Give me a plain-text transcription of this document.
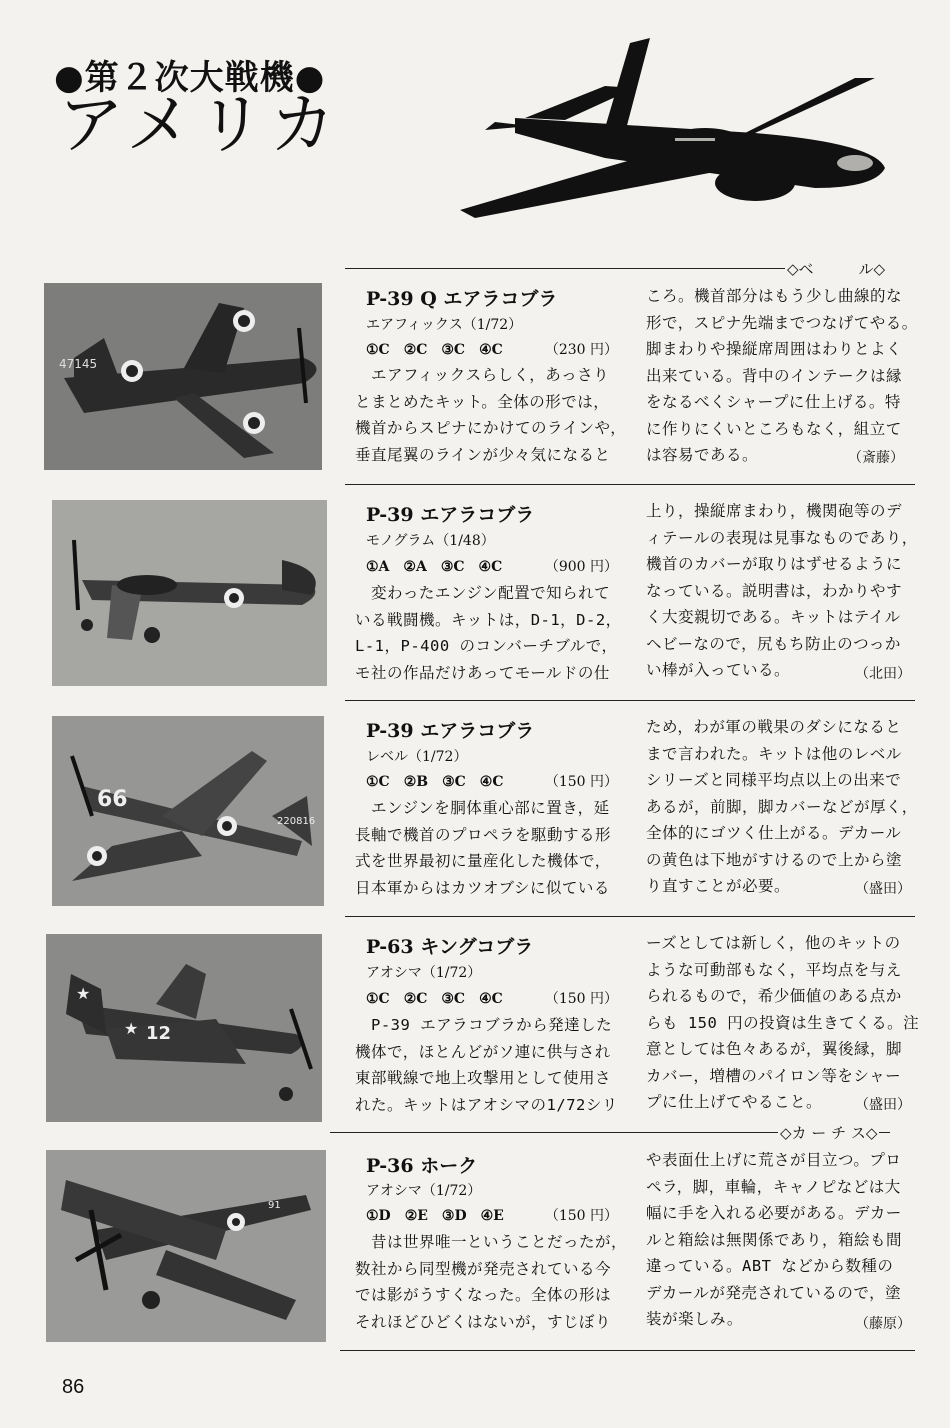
●第２次大戦機●
アメリカ
◇ベ　　　ル◇
47145
P-39 Q エアラコブラ
エアフィックス（1/72）
①C　②C　③C　④C	（230 円）
　エアフィックスらしく，あっさり
とまとめたキット。全体の形では，
機首からスピナにかけてのラインや，
垂直尾翼のラインが少々気になると
ころ。機首部分はもう少し曲線的な
形で，スピナ先端までつなげてやる。
脚まわりや操縦席周囲はわりとよく
出来ている。背中のインテークは縁
をなるべくシャープに仕上げる。特
に作りにくいところもなく，組立て
は容易である。	（斎藤）
P-39 エアラコブラ
モノグラム（1/48）
①A　②A　③C　④C	（900 円）
　変わったエンジン配置で知られて
いる戦闘機。キットは，D-1，D-2，
L-1，P-400 のコンバーチブルで，
モ社の作品だけあってモールドの仕
上り，操縦席まわり，機関砲等のデ
ィテールの表現は見事なものであり，
機首のカバーが取りはずせるように
なっている。説明書は，わかりやす
く大変親切である。キットはテイル
ヘビーなので，尻もち防止のつっか
い棒が入っている。	（北田）
66
220816
P-39 エアラコブラ
レベル（1/72）
①C　②B　③C　④C	（150 円）
　エンジンを胴体重心部に置き，延
長軸で機首のプロペラを駆動する形
式を世界最初に量産化した機体で，
日本軍からはカツオブシに似ている
ため，わが軍の戦果のダシになると
まで言われた。キットは他のレベル
シリーズと同様平均点以上の出来で
あるが，前脚，脚カバーなどが厚く，
全体的にゴツく仕上がる。デカール
の黄色は下地がすけるので上から塗
り直すことが必要。	（盛田）
12
★
★
P-63 キングコブラ
アオシマ（1/72）
①C　②C　③C　④C	（150 円）
　P-39 エアラコブラから発達した
機体で，ほとんどがソ連に供与され
東部戦線で地上攻撃用として使用さ
れた。キットはアオシマの1/72シリ
ーズとしては新しく，他のキットの
ような可動部もなく，平均点を与え
られるもので，希少価値のある点か
らも 150 円の投資は生きてくる。注
意としては色々あるが，翼後縁，脚
カバー，増槽のパイロン等をシャー
プに仕上げてやること。	（盛田）
◇カ ー チ ス◇
91
P-36 ホーク
アオシマ（1/72）
①D　②E　③D　④E	（150 円）
　昔は世界唯一ということだったが，
数社から同型機が発売されている今
では影がうすくなった。全体の形は
それほどひどくはないが，すじぼり
や表面仕上げに荒さが目立つ。プロ
ペラ，脚，車輪，キャノピなどは大
幅に手を入れる必要がある。デカー
ルと箱絵は無関係であり，箱絵も間
違っている。ABT などから数種の
デカールが発売されているので，塗
装が楽しみ。	（藤原）
86
